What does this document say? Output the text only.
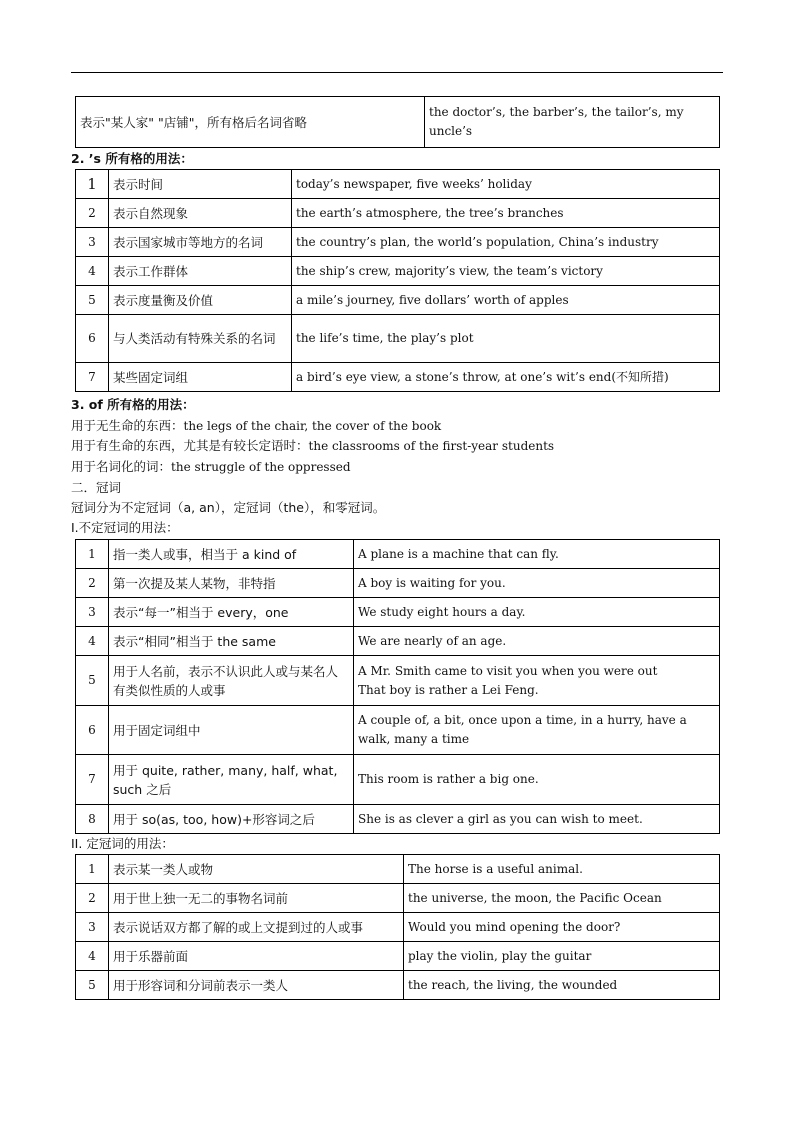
表示"某人家" "店铺"，所有格后名词省略	the doctor’s, the barber’s, the tailor’s, my uncle’s
2. ’s 所有格的用法：
1	表示时间	today’s newspaper, five weeks’ holiday
2	表示自然现象	the earth’s atmosphere, the tree’s branches
3	表示国家城市等地方的名词	the country’s plan, the world’s population, China’s industry
4	表示工作群体	the ship’s crew, majority’s view, the team’s victory
5	表示度量衡及价值	a mile’s journey, five dollars’ worth of apples
6	与人类活动有特殊关系的名词	the life’s time, the play’s plot
7	某些固定词组	a bird’s eye view, a stone’s throw, at one’s wit’s end(不知所措)
3. of 所有格的用法：
用于无生命的东西：the legs of the chair, the cover of the book
用于有生命的东西，尤其是有较长定语时：the classrooms of the first-year students
用于名词化的词：the struggle of the oppressed
二．冠词
冠词分为不定冠词（a, an），定冠词（the），和零冠词。
I.不定冠词的用法：
1	指一类人或事，相当于 a kind of	A plane is a machine that can fly.
2	第一次提及某人某物，非特指	A boy is waiting for you.
3	表示“每一”相当于 every，one	We study eight hours a day.
4	表示“相同”相当于 the same	We are nearly of an age.
5	用于人名前，表示不认识此人或与某名人有类似性质的人或事	A Mr. Smith came to visit you when you were out
That boy is rather a Lei Feng.

6	用于固定词组中	A couple of, a bit, once upon a time, in a hurry, have a walk, many a time
7	用于 quite, rather, many, half, what, such 之后	This room is rather a big one.
8	用于 so(as, too, how)+形容词之后	She is as clever a girl as you can wish to meet.
II. 定冠词的用法：
1	表示某一类人或物	The horse is a useful animal.
2	用于世上独一无二的事物名词前	the universe, the moon, the Pacific Ocean
3	表示说话双方都了解的或上文提到过的人或事	Would you mind opening the door?
4	用于乐器前面	play the violin, play the guitar
5	用于形容词和分词前表示一类人	the reach, the living, the wounded
